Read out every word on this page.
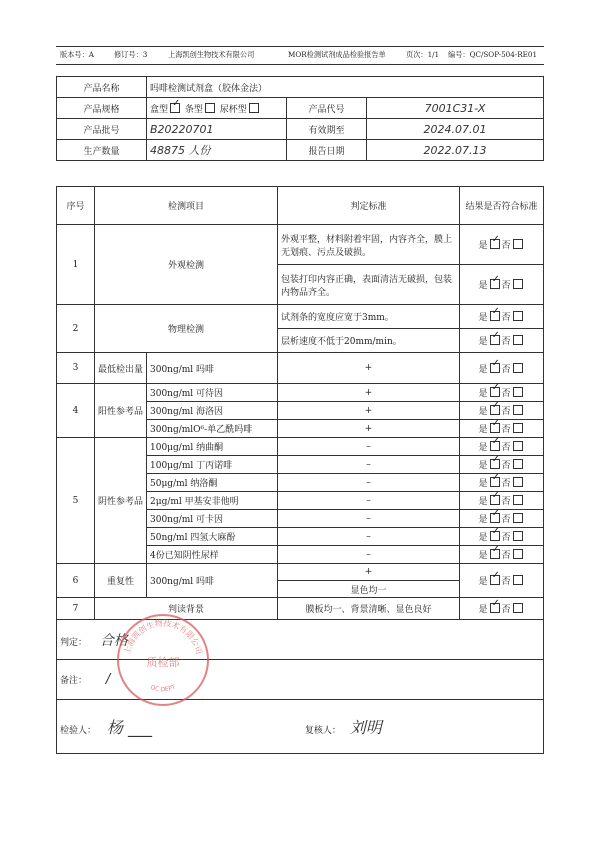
版本号：A	修订号：3	上海凯创生物技术有限公司	MOR检测试剂成品检验报告单	页次：1/1 编号：QC/SOP-504-RE01
产品名称	吗啡检测试剂盒（胶体金法）		
产品规格	盒型 ✓ 条型 尿杯型	产品代号	7001C31-X
产品批号	B20220701	有效期至	2024.07.01
生产数量	48875 人份	报告日期	2022.07.13
序号	检测项目		判定标准	结果是否符合标准
1	外观检测		外观平整，材料附着牢固，内容齐全，膜上无划痕、污点及破损。	是 ✓ 否
			包装打印内容正确，表面清洁无破损，包装内物品齐全。	是 ✓ 否
2	物理检测		试剂条的宽度应宽于3mm。	是 ✓ 否
			层析速度不低于20mm/min。	是 ✓ 否
3	最低检出量	300ng/ml 吗啡	+	是 ✓ 否
4	阳性参考品	300ng/ml 可待因	+	是 ✓ 否
		300ng/ml 海洛因	+	是 ✓ 否
		300ng/mlO⁶-单乙酰吗啡	+	是 ✓ 否
5	阴性参考品	100μg/ml 纳曲酮	–	是 ✓ 否
		100μg/ml 丁丙诺啡	–	是 ✓ 否
		50μg/ml 纳洛酮	–	是 ✓ 否
		2μg/ml 甲基安非他明	–	是 ✓ 否
		300ng/ml 可卡因	–	是 ✓ 否
		50ng/ml 四氢大麻酚	–	是 ✓ 否
		4份已知阴性尿样	–	是 ✓ 否
6	重复性	300ng/ml 吗啡	+	是 ✓ 否
			显色均一	
7	判读背景		膜板均一、背景清晰、显色良好	是 ✓ 否
判定： 合格				
备注： /				
检验人： 杨 ___ 复核人： 刘明				
上海凯创生物技术有限公司
质检部
QC DEPT
